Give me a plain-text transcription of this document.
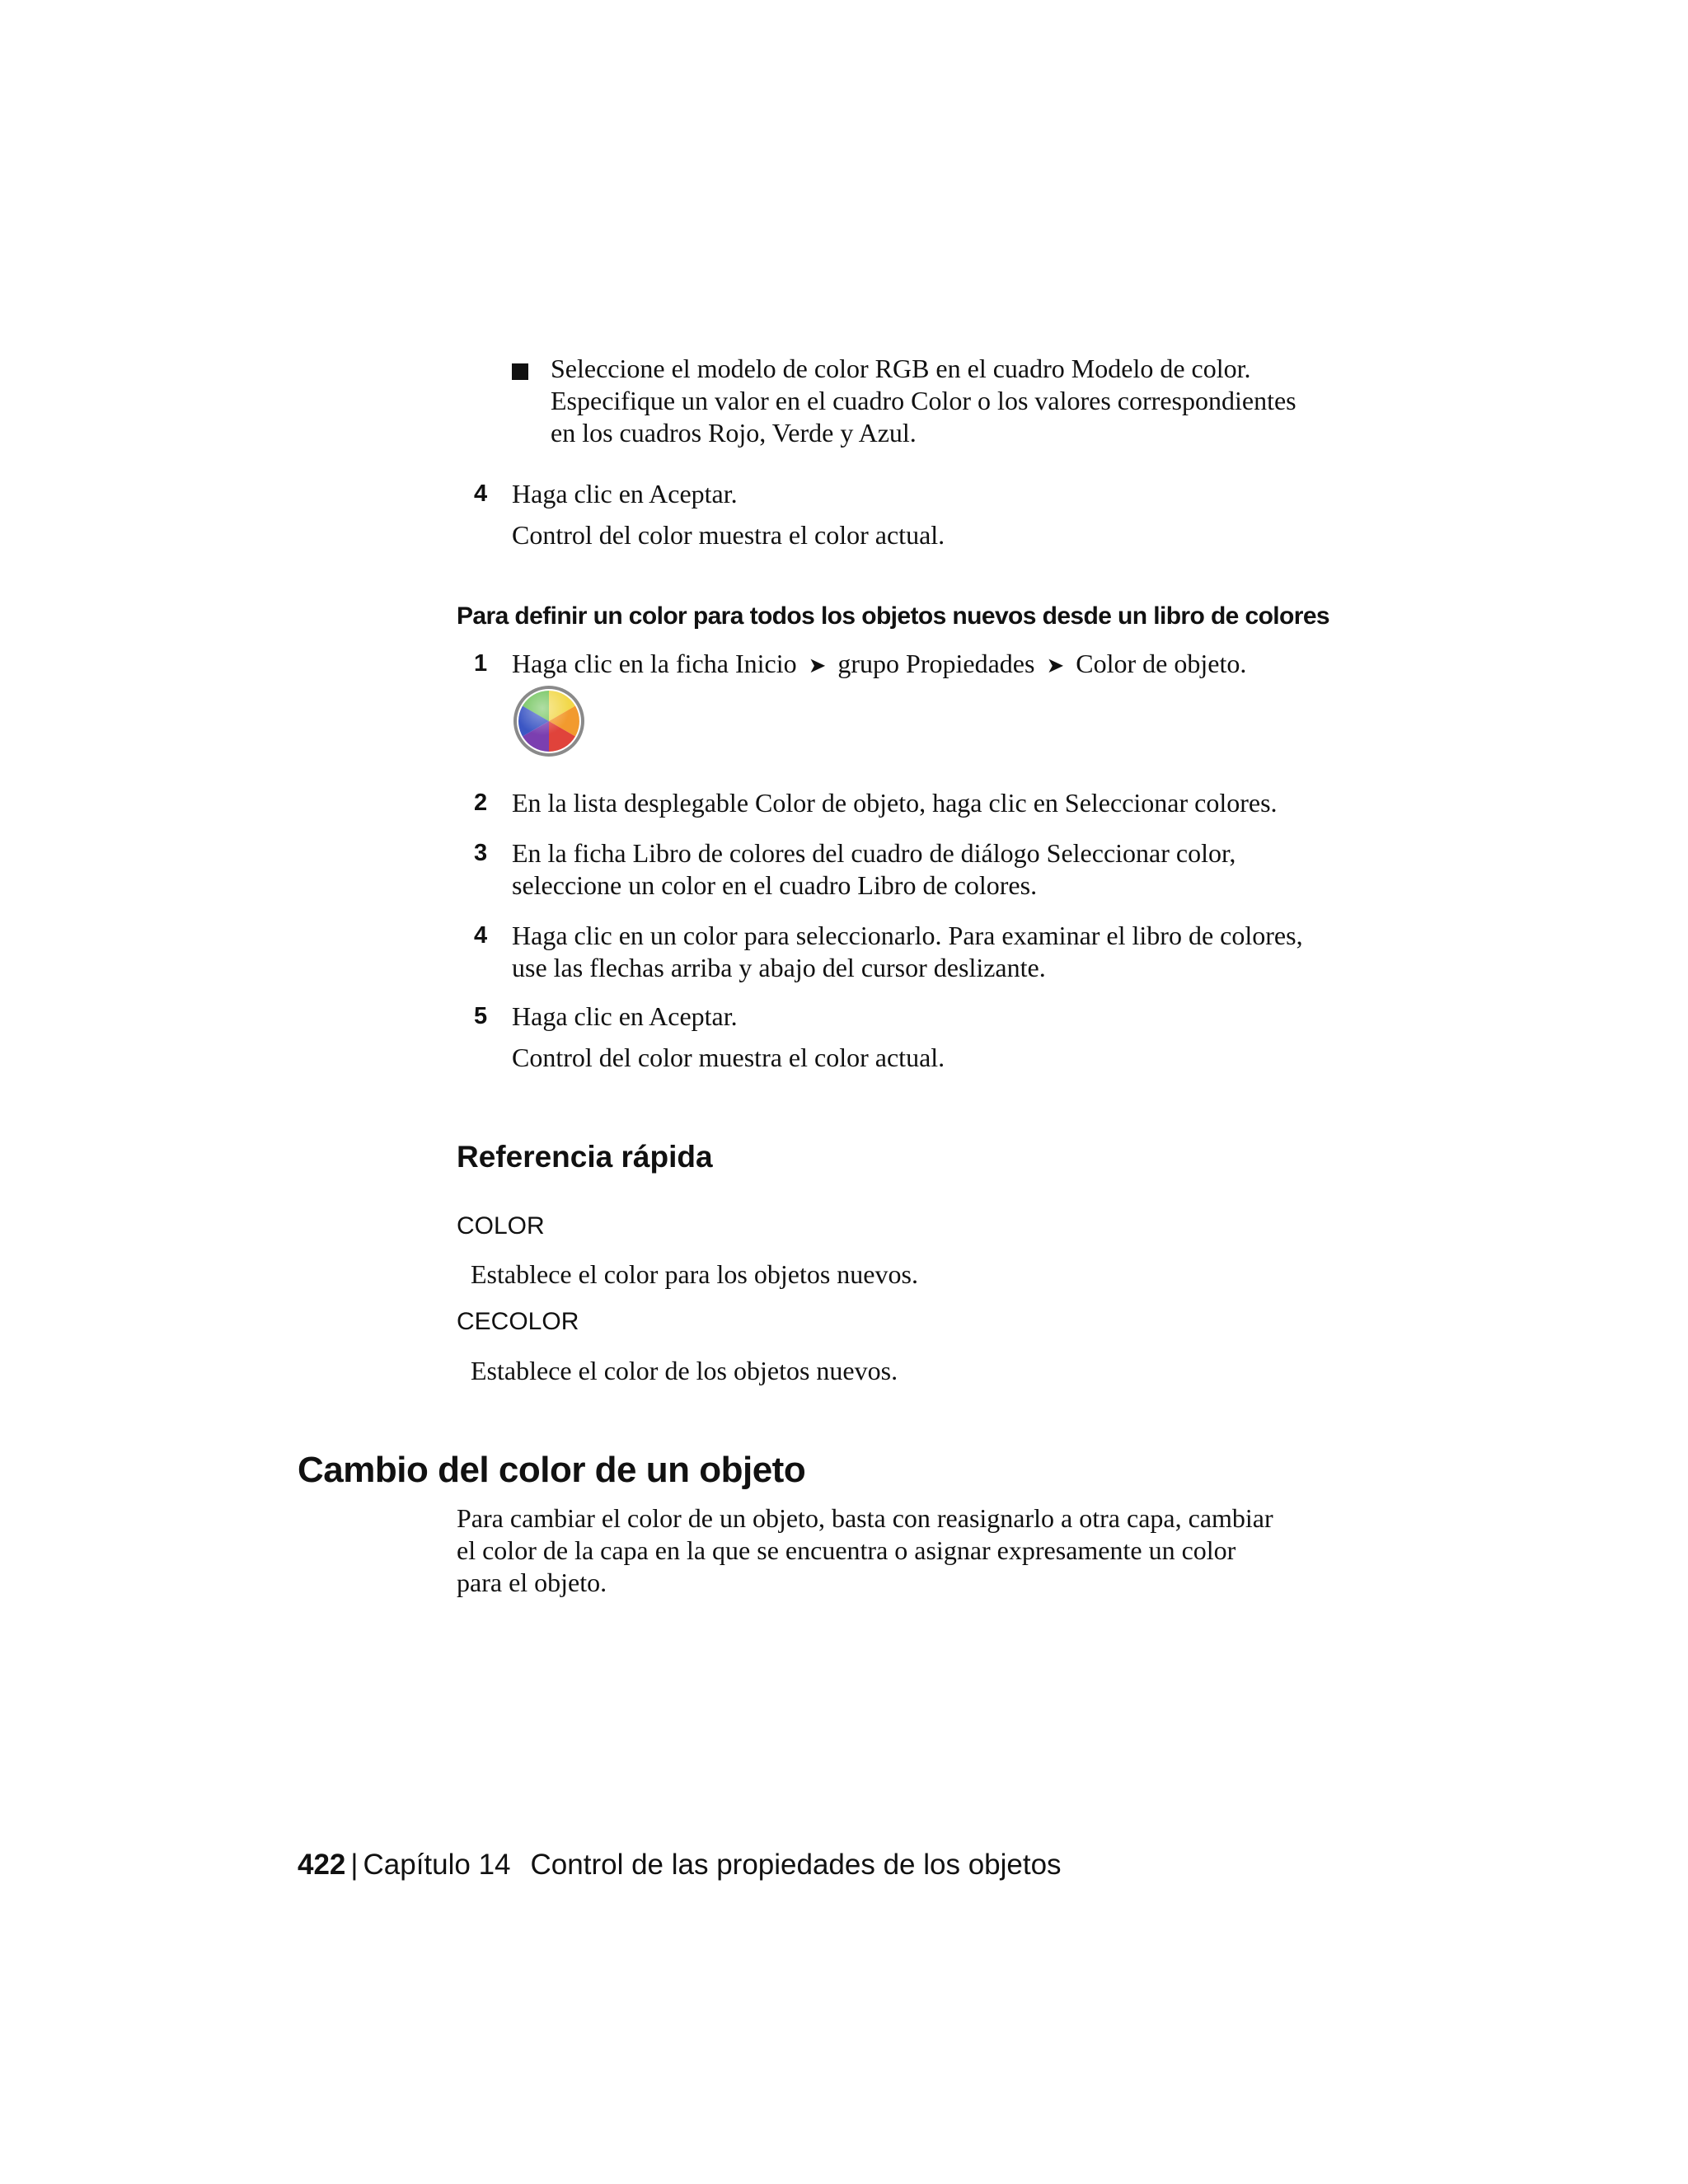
Seleccione el modelo de color RGB en el cuadro Modelo de color.
Especifique un valor en el cuadro Color o los valores correspondientes
en los cuadros Rojo, Verde y Azul.
4 Haga clic en Aceptar.
Control del color muestra el color actual.
Para definir un color para todos los objetos nuevos desde un libro de colores
1 Haga clic en la ficha Inicio ➤ grupo Propiedades ➤ Color de objeto.
2 En la lista desplegable Color de objeto, haga clic en Seleccionar colores.
3 En la ficha Libro de colores del cuadro de diálogo Seleccionar color,
seleccione un color en el cuadro Libro de colores.
4 Haga clic en un color para seleccionarlo. Para examinar el libro de colores,
use las flechas arriba y abajo del cursor deslizante.
5 Haga clic en Aceptar.
Control del color muestra el color actual.
Referencia rápida
COLOR
Establece el color para los objetos nuevos.
CECOLOR
Establece el color de los objetos nuevos.
Cambio del color de un objeto
Para cambiar el color de un objeto, basta con reasignarlo a otra capa, cambiar
el color de la capa en la que se encuentra o asignar expresamente un color
para el objeto.
422 | Capítulo 14 Control de las propiedades de los objetos
